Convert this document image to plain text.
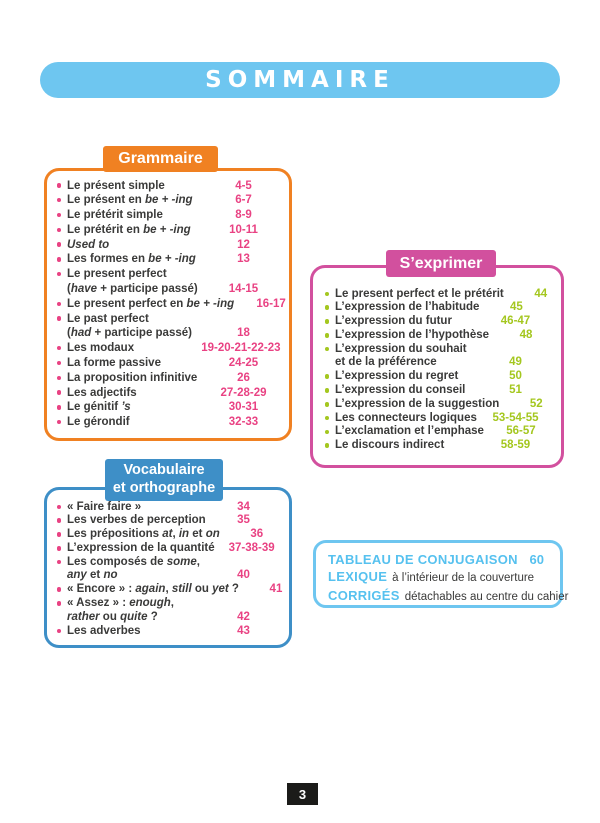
SOMMAIRE
Grammaire
Le présent simple	4-5
Le présent en be + -ing	6-7
Le prétérit simple	8-9
Le prétérit en be + -ing	10-11
Used to	12
Les formes en be + -ing	13
Le present perfect
(have + participe passé)	14-15
Le present perfect en be + -ing	16-17
Le past perfect
(had + participe passé)	18
Les modaux	19-20-21-22-23
La forme passive	24-25
La proposition infinitive	26
Les adjectifs	27-28-29
Le génitif ’s	30-31
Le gérondif	32-33
S’exprimer
Le present perfect et le prétérit	44
L’expression de l’habitude	45
L’expression du futur	46-47
L’expression de l’hypothèse	48
L’expression du souhait
et de la préférence	49
L’expression du regret	50
L’expression du conseil	51
L’expression de la suggestion	52
Les connecteurs logiques	53-54-55
L’exclamation et l’emphase	56-57
Le discours indirect	58-59
Vocabulaire
et orthographe
« Faire faire »	34
Les verbes de perception	35
Les prépositions at, in et on	36
L’expression de la quantité	37-38-39
Les composés de some,
any et no	40
« Encore » : again, still ou yet ?	41
« Assez » : enough,
rather ou quite ?	42
Les adverbes	43
TABLEAU DE CONJUGAISON 60
LEXIQUE à l’intérieur de la couverture
CORRIGÉS détachables au centre du cahier
3
